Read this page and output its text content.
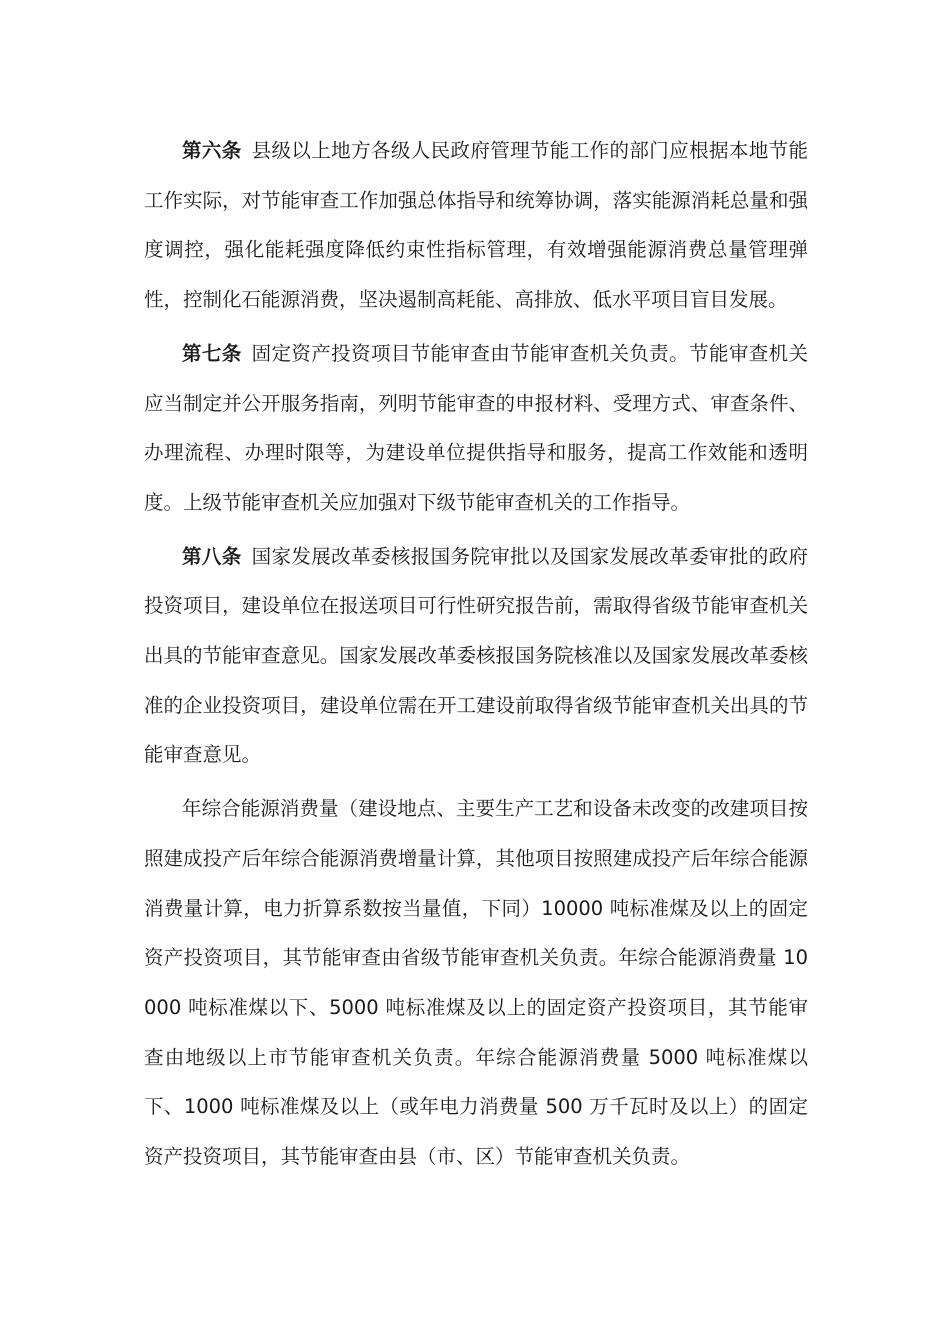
第六条 县级以上地方各级人民政府管理节能工作的部门应根据本地节能工作实际，对节能审查工作加强总体指导和统筹协调，落实能源消耗总量和强度调控，强化能耗强度降低约束性指标管理，有效增强能源消费总量管理弹性，控制化石能源消费，坚决遏制高耗能、高排放、低水平项目盲目发展。

第七条 固定资产投资项目节能审查由节能审查机关负责。节能审查机关应当制定并公开服务指南，列明节能审查的申报材料、受理方式、审查条件、办理流程、办理时限等，为建设单位提供指导和服务，提高工作效能和透明度。上级节能审查机关应加强对下级节能审查机关的工作指导。

第八条 国家发展改革委核报国务院审批以及国家发展改革委审批的政府投资项目，建设单位在报送项目可行性研究报告前，需取得省级节能审查机关出具的节能审查意见。国家发展改革委核报国务院核准以及国家发展改革委核准的企业投资项目，建设单位需在开工建设前取得省级节能审查机关出具的节能审查意见。

年综合能源消费量（建设地点、主要生产工艺和设备未改变的改建项目按照建成投产后年综合能源消费增量计算，其他项目按照建成投产后年综合能源消费量计算，电力折算系数按当量值，下同）10000 吨标准煤及以上的固定资产投资项目，其节能审查由省级节能审查机关负责。年综合能源消费量 10000 吨标准煤以下、5000 吨标准煤及以上的固定资产投资项目，其节能审查由地级以上市节能审查机关负责。年综合能源消费量 5000 吨标准煤以下、1000 吨标准煤及以上（或年电力消费量 500 万千瓦时及以上）的固定资产投资项目，其节能审查由县（市、区）节能审查机关负责。
